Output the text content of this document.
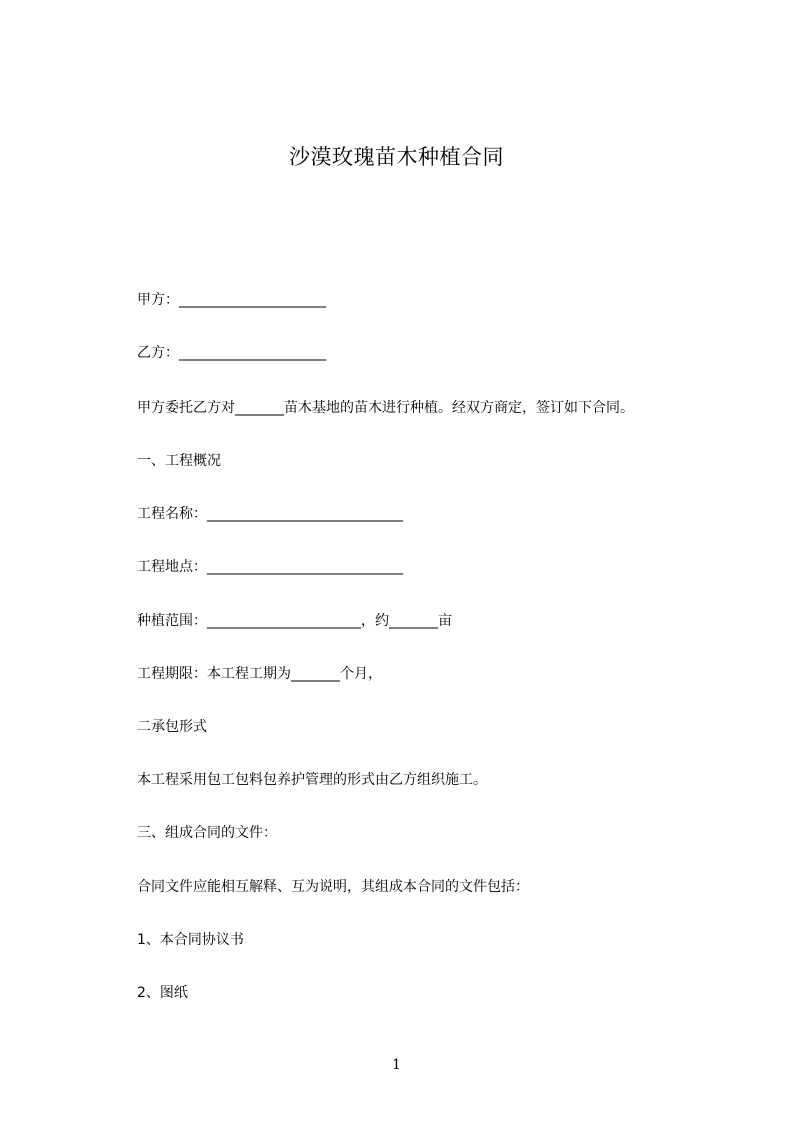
沙漠玫瑰苗木种植合同
甲方：_____________________
乙方：_____________________
甲方委托乙方对_______苗木基地的苗木进行种植。经双方商定，签订如下合同。
一、工程概况
工程名称：____________________________
工程地点：____________________________
种植范围：______________________，约_______亩
工程期限：本工程工期为_______个月，
二承包形式
本工程采用包工包料包养护管理的形式由乙方组织施工。
三、组成合同的文件：
合同文件应能相互解释、互为说明，其组成本合同的文件包括：
1、本合同协议书
2、图纸
1
